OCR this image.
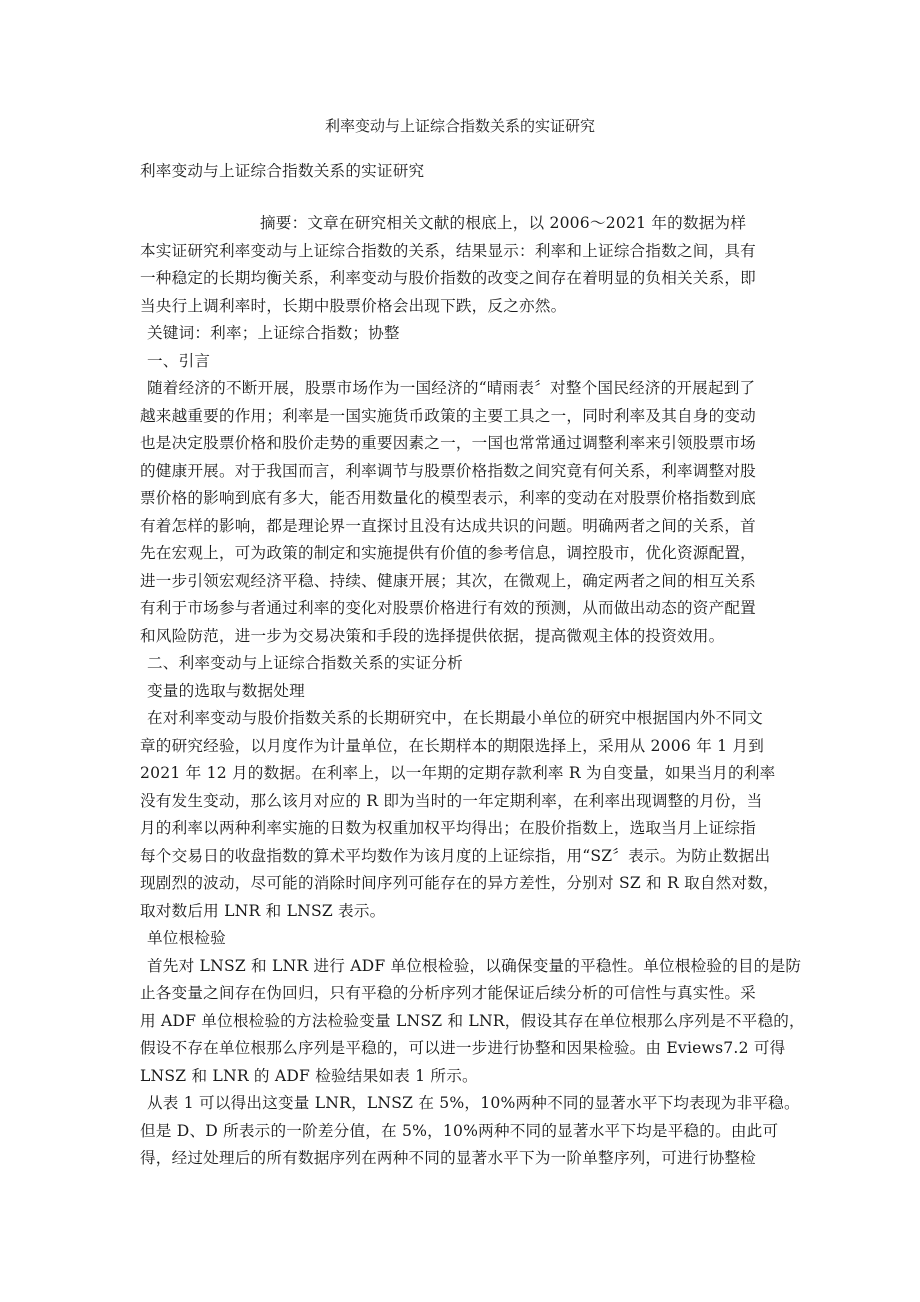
利率变动与上证综合指数关系的实证研究
利率变动与上证综合指数关系的实证研究
摘要：文章在研究相关文献的根底上，以 2006～2021 年的数据为样
本实证研究利率变动与上证综合指数的关系，结果显示：利率和上证综合指数之间，具有
一种稳定的长期均衡关系，利率变动与股价指数的改变之间存在着明显的负相关关系，即
当央行上调利率时，长期中股票价格会出现下跌，反之亦然。
关键词：利率；上证综合指数；协整
一、引言
随着经济的不断开展，股票市场作为一国经济的“晴雨表〞对整个国民经济的开展起到了
越来越重要的作用；利率是一国实施货币政策的主要工具之一，同时利率及其自身的变动
也是决定股票价格和股价走势的重要因素之一，一国也常常通过调整利率来引领股票市场
的健康开展。对于我国而言，利率调节与股票价格指数之间究竟有何关系，利率调整对股
票价格的影响到底有多大，能否用数量化的模型表示，利率的变动在对股票价格指数到底
有着怎样的影响，都是理论界一直探讨且没有达成共识的问题。明确两者之间的关系，首
先在宏观上，可为政策的制定和实施提供有价值的参考信息，调控股市，优化资源配置，
进一步引领宏观经济平稳、持续、健康开展；其次，在微观上，确定两者之间的相互关系
有利于市场参与者通过利率的变化对股票价格进行有效的预测，从而做出动态的资产配置
和风险防范，进一步为交易决策和手段的选择提供依据，提高微观主体的投资效用。
二、利率变动与上证综合指数关系的实证分析
变量的选取与数据处理
在对利率变动与股价指数关系的长期研究中，在长期最小单位的研究中根据国内外不同文
章的研究经验，以月度作为计量单位，在长期样本的期限选择上，采用从 2006 年 1 月到
2021 年 12 月的数据。在利率上，以一年期的定期存款利率 R 为自变量，如果当月的利率
没有发生变动，那么该月对应的 R 即为当时的一年定期利率，在利率出现调整的月份，当
月的利率以两种利率实施的日数为权重加权平均得出；在股价指数上，选取当月上证综指
每个交易日的收盘指数的算术平均数作为该月度的上证综指，用“SZ〞表示。为防止数据出
现剧烈的波动，尽可能的消除时间序列可能存在的异方差性，分别对 SZ 和 R 取自然对数，
取对数后用 LNR 和 LNSZ 表示。
单位根检验
首先对 LNSZ 和 LNR 进行 ADF 单位根检验，以确保变量的平稳性。单位根检验的目的是防
止各变量之间存在伪回归，只有平稳的分析序列才能保证后续分析的可信性与真实性。采
用 ADF 单位根检验的方法检验变量 LNSZ 和 LNR，假设其存在单位根那么序列是不平稳的，
假设不存在单位根那么序列是平稳的，可以进一步进行协整和因果检验。由 Eviews7.2 可得
LNSZ 和 LNR 的 ADF 检验结果如表 1 所示。
从表 1 可以得出这变量 LNR，LNSZ 在 5%，10%两种不同的显著水平下均表现为非平稳。
但是 D、D 所表示的一阶差分值，在 5%，10%两种不同的显著水平下均是平稳的。由此可
得，经过处理后的所有数据序列在两种不同的显著水平下为一阶单整序列，可进行协整检
